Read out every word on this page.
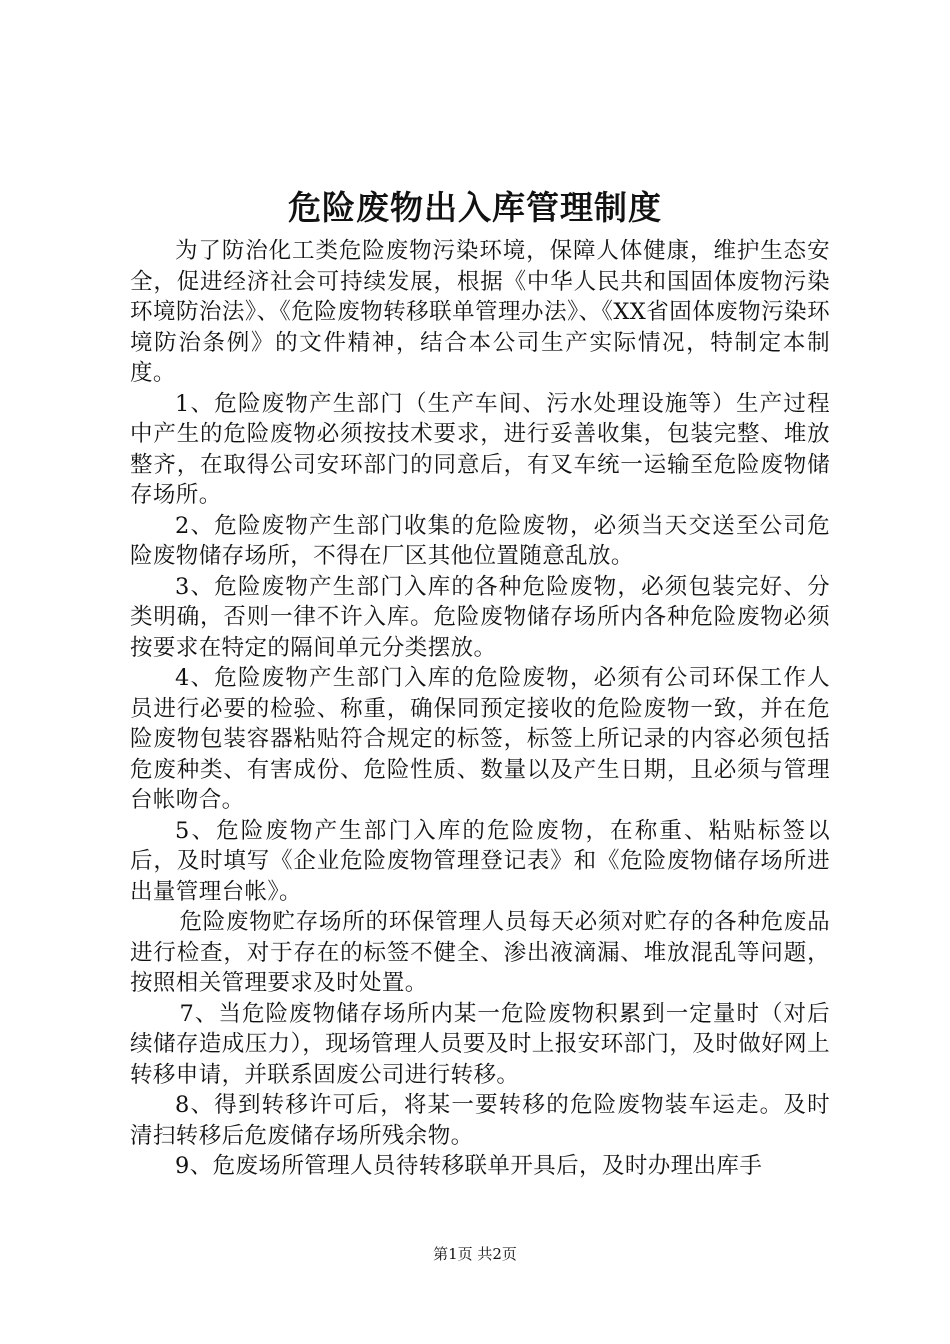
危险废物出入库管理制度

为了防治化工类危险废物污染环境，保障人体健康，维护生态安全，促进经济社会可持续发展，根据《中华人民共和国固体废物污染环境防治法》、《危险废物转移联单管理办法》、《XX省固体废物污染环境防治条例》的文件精神，结合本公司生产实际情况，特制定本制度。

1、危险废物产生部门（生产车间、污水处理设施等）生产过程中产生的危险废物必须按技术要求，进行妥善收集，包装完整、堆放整齐，在取得公司安环部门的同意后，有叉车统一运输至危险废物储存场所。

2、危险废物产生部门收集的危险废物，必须当天交送至公司危险废物储存场所，不得在厂区其他位置随意乱放。

3、危险废物产生部门入库的各种危险废物，必须包装完好、分类明确，否则一律不许入库。危险废物储存场所内各种危险废物必须按要求在特定的隔间单元分类摆放。

4、危险废物产生部门入库的危险废物，必须有公司环保工作人员进行必要的检验、称重，确保同预定接收的危险废物一致，并在危险废物包装容器粘贴符合规定的标签，标签上所记录的内容必须包括危废种类、有害成份、危险性质、数量以及产生日期，且必须与管理台帐吻合。

5、危险废物产生部门入库的危险废物，在称重、粘贴标签以后，及时填写《企业危险废物管理登记表》和《危险废物储存场所进出量管理台帐》。

危险废物贮存场所的环保管理人员每天必须对贮存的各种危废品进行检查，对于存在的标签不健全、渗出液滴漏、堆放混乱等问题，按照相关管理要求及时处置。

7、当危险废物储存场所内某一危险废物积累到一定量时（对后续储存造成压力），现场管理人员要及时上报安环部门，及时做好网上转移申请，并联系固废公司进行转移。

8、得到转移许可后，将某一要转移的危险废物装车运走。及时清扫转移后危废储存场所残余物。

9、危废场所管理人员待转移联单开具后，及时办理出库手

第1页 共2页
